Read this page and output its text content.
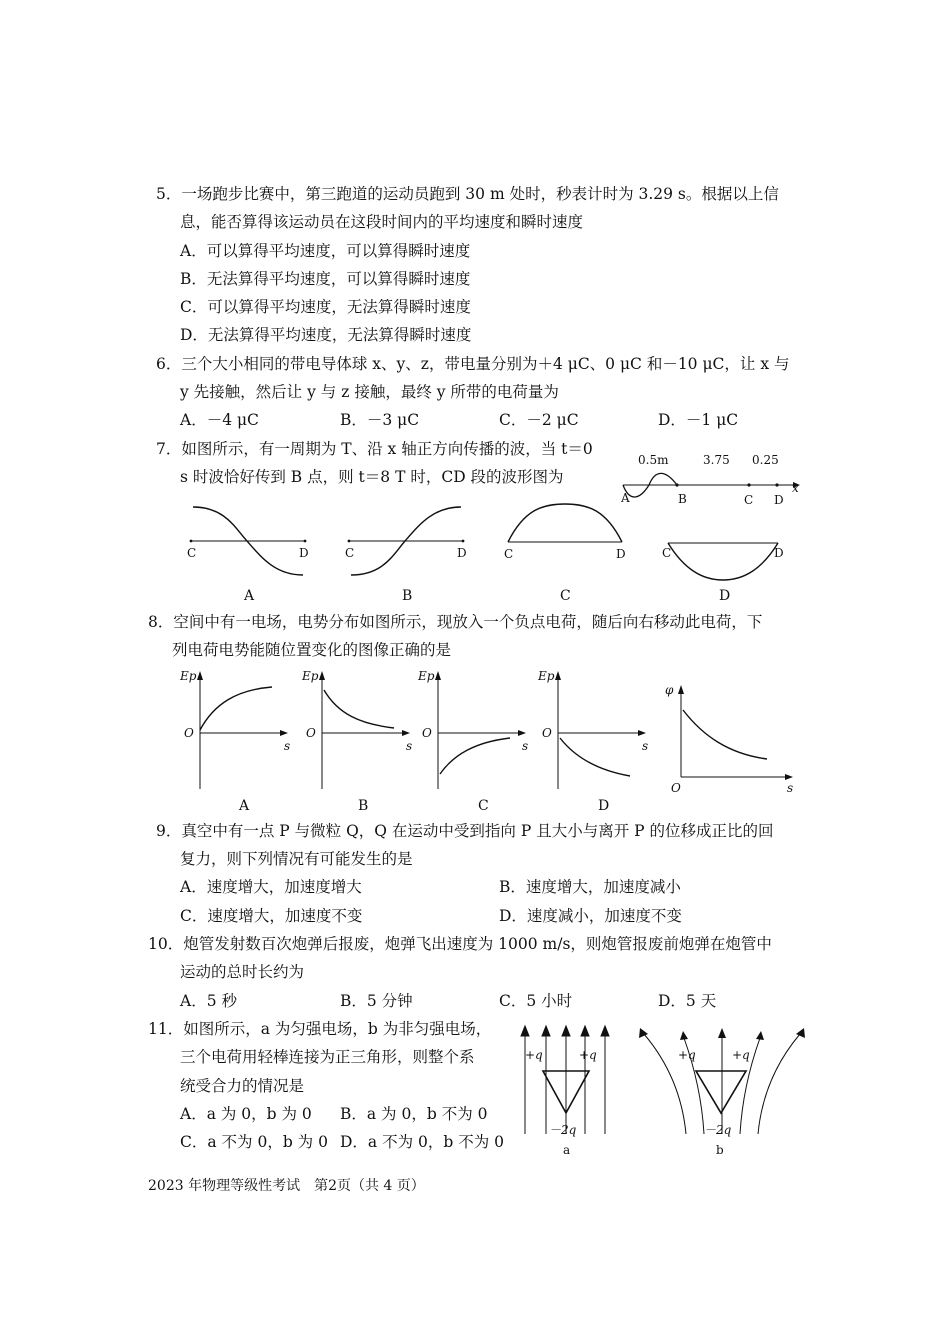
5．一场跑步比赛中，第三跑道的运动员跑到 30 m 处时，秒表计时为 3.29 s。根据以上信
息，能否算得该运动员在这段时间内的平均速度和瞬时速度
A．可以算得平均速度，可以算得瞬时速度
B．无法算得平均速度，可以算得瞬时速度
C．可以算得平均速度，无法算得瞬时速度
D．无法算得平均速度，无法算得瞬时速度
6．三个大小相同的带电导体球 x、y、z，带电量分别为＋4 μC、0 μC 和－10 μC，让 x 与
y 先接触，然后让 y 与 z 接触，最终 y 所带的电荷量为
A．－4 μC	B．－3 μC	C．－2 μC	D．－1 μC
7．如图所示，有一周期为 T、沿 x 轴正方向传播的波，当 t＝0
s 时波恰好传到 B 点，则 t＝8 T 时，CD 段的波形图为
0.5m	3.75 0.25
A	B	C D
x
C	D	C	D	C	D	C	D
A	B	C	D
8．空间中有一电场，电势分布如图所示，现放入一个负点电荷，随后向右移动此电荷，下
列电荷电势能随位置变化的图像正确的是
Ep
O
s
Ep
O
s
Ep
O
s
Ep
O
s
φ
O	s
A	B	C	D
9．真空中有一点 P 与微粒 Q，Q 在运动中受到指向 P 且大小与离开 P 的位移成正比的回
复力，则下列情况有可能发生的是
A．速度增大，加速度增大	B．速度增大，加速度减小
C．速度增大，加速度不变	D．速度减小，加速度不变
10．炮管发射数百次炮弹后报废，炮弹飞出速度为 1000 m/s，则炮管报废前炮弹在炮管中
运动的总时长约为
A．5 秒	B．5 分钟	C．5 小时	D．5 天
11．如图所示，a 为匀强电场，b 为非匀强电场，
三个电荷用轻棒连接为正三角形，则整个系
统受合力的情况是
A．a 为 0，b 为 0 B．a 为 0，b 不为 0
C．a 不为 0，b 为 0 D．a 不为 0，b 不为 0
+q	+q
－2q
a
+q	+q
－2q
b
2023 年物理等级性考试　第2页（共 4 页）
